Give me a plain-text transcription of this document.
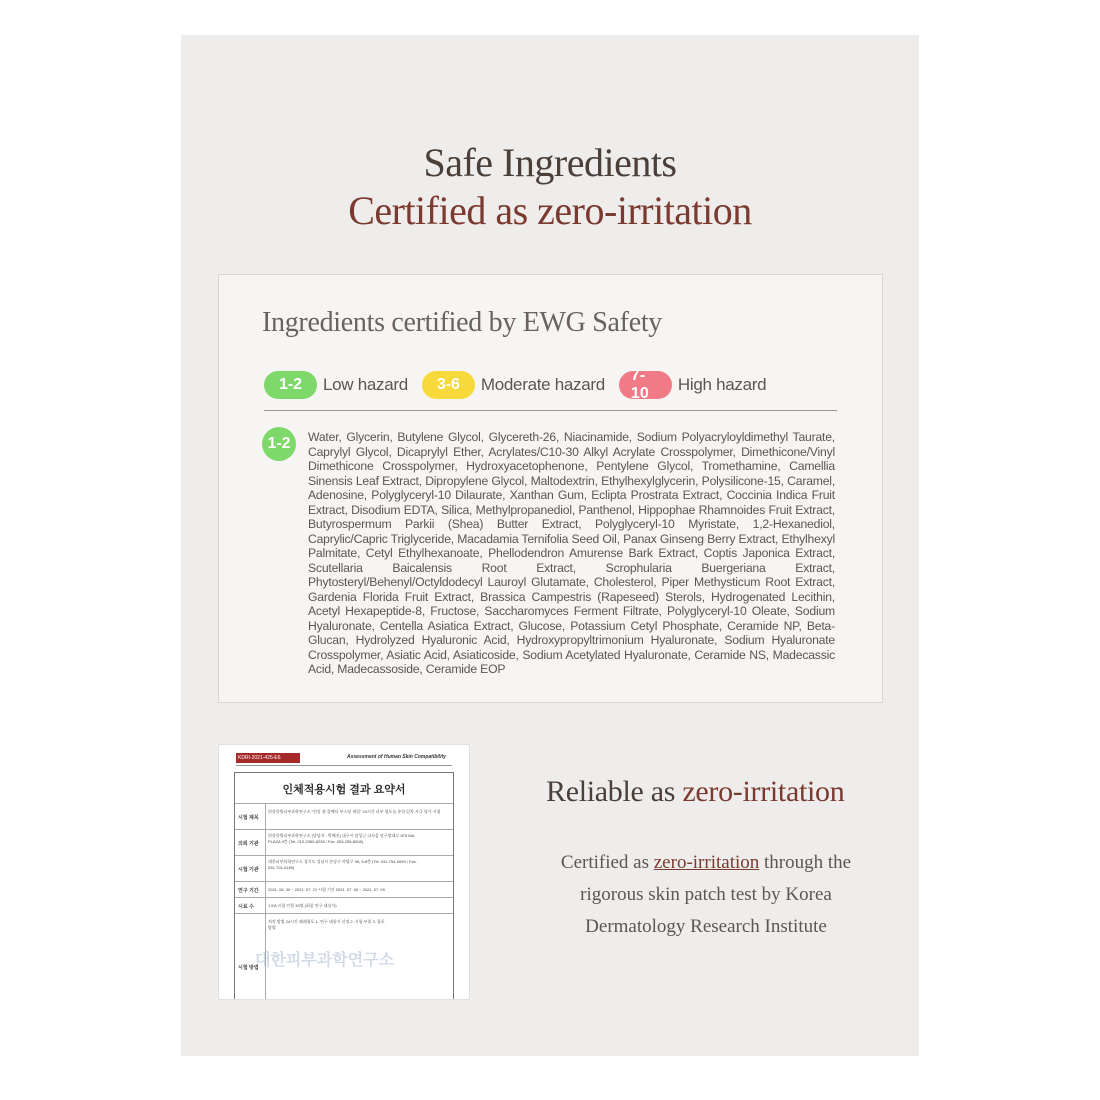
Safe Ingredients
Certified as zero-irritation
Ingredients certified by EWG Safety
1-2	Low hazard	3-6	Moderate hazard	7-10	High hazard
1-2	Water, Glycerin, Butylene Glycol, Glycereth-26, Niacinamide, Sodium Polyacryloyldimethyl Taurate, Caprylyl Glycol, Dicaprylyl Ether, Acrylates/C10-30 Alkyl Acrylate Crosspolymer, Dimethicone/Vinyl Dimethicone Crosspolymer, Hydroxyacetophenone, Pentylene Glycol, Tromethamine, Camellia Sinensis Leaf Extract, Dipropylene Glycol, Maltodextrin, Ethylhexylglycerin, Polysilicone-15, Caramel, Adenosine, Polyglyceryl-10 Dilaurate, Xanthan Gum, Eclipta Prostrata Extract, Coccinia Indica Fruit Extract, Disodium EDTA, Silica, Methylpropanediol, Panthenol, Hippophae Rhamnoides Fruit Extract, Butyrospermum Parkii (Shea) Butter Extract, Polyglyceryl-10 Myristate, 1,2-Hexanediol, Caprylic/Capric Triglyceride, Macadamia Ternifolia Seed Oil, Panax Ginseng Berry Extract, Ethylhexyl Palmitate, Cetyl Ethylhexanoate, Phellodendron Amurense Bark Extract, Coptis Japonica Extract, Scutellaria Baicalensis Root Extract, Scrophularia Buergeriana Extract, Phytosteryl/Behenyl/Octyldodecyl Lauroyl Glutamate, Cholesterol, Piper Methysticum Root Extract, Gardenia Florida Fruit Extract, Brassica Campestris (Rapeseed) Sterols, Hydrogenated Lecithin, Acetyl Hexapeptide-8, Fructose, Saccharomyces Ferment Filtrate, Polyglyceryl-10 Oleate, Sodium Hyaluronate, Centella Asiatica Extract, Glucose, Potassium Cetyl Phosphate, Ceramide NP, Beta-Glucan, Hydrolyzed Hyaluronic Acid, Hydroxypropyltrimonium Hyaluronate, Sodium Hyaluronate Crosspolymer, Asiatic Acid, Asiaticoside, Sodium Acetylated Hyaluronate, Ceramide NS, Madecassic Acid, Madecassoside, Ceramide EOP
KDRI-2021-425-E6	Assessment of Human Skin Compatibility
인체적용시험 결과 요약서
시험 제목
편강한방피부과학연구소 "편강 쉴 블랙티 부스팅 세럼" 24시간 피부 첩포를 통한 일차 자극 평가 시험
의뢰 기관
편강한방피부과학연구소 (담당자 : 박혜진) 대구시 달성군 다사읍 달구벌대로 875 MA PLAZA 4층 (Tel. 010-2060-8228 / Fax. 053-255-8008)
시험 기관
대한피부과학연구소 경기도 성남시 분당구 야탑로 96, 5-8층 (Tel. 031-754-0099 / Fax. 031-701-0189)
연구 기간 2021. 06. 30 ~ 2021. 07. 21 시험 기간 2021. 07. 06 ~ 2021. 07. 09
시료 수	1 EA 시험 인원 33명 (최종 연구 대상자)
시험 방법
처치 방법 24시간 폐쇄첩포 1. 연구 대상자 선정 2. 시험 부위 3. 첩포 방법
대한피부과학연구소
Reliable as zero-irritation
Certified as zero-irritation through the rigorous skin patch test by Korea Dermatology Research Institute
